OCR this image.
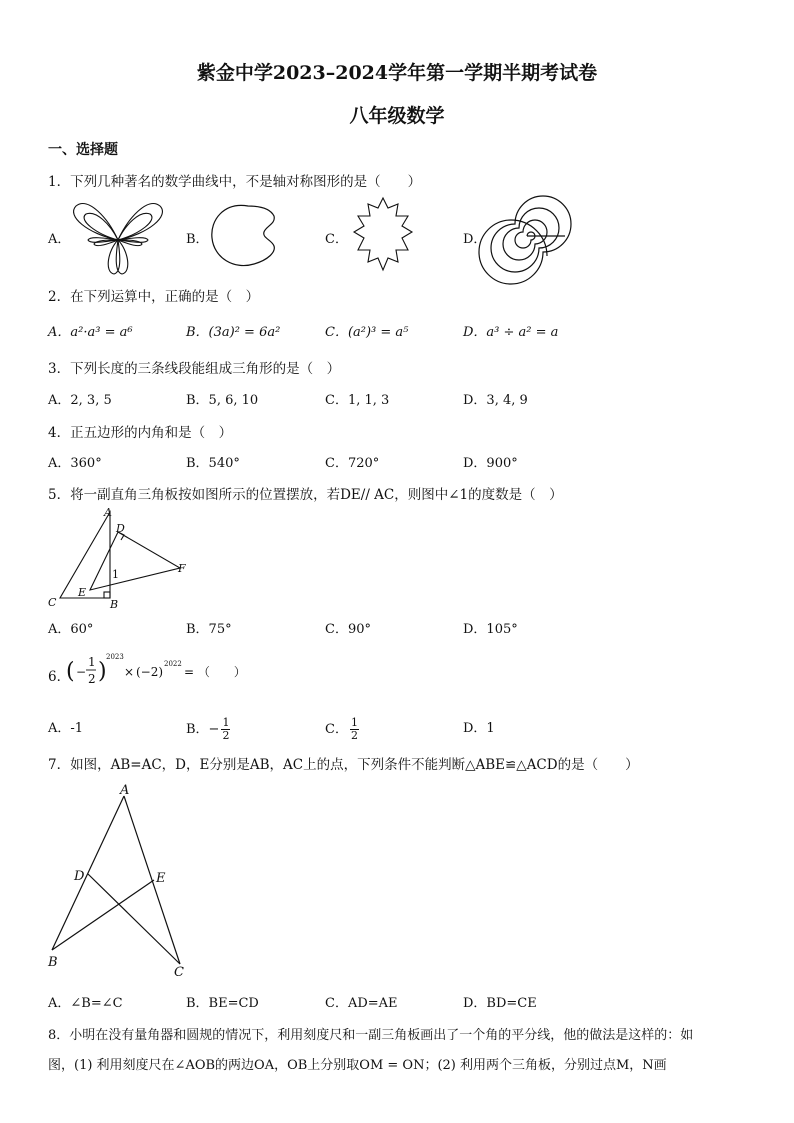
紫金中学2023–2024学年第一学期半期考试卷
八年级数学
一、选择题
1．下列几种著名的数学曲线中，不是轴对称图形的是（　　）
A．	B．	C．	D．
2．在下列运算中，正确的是（　）
A．a²·a³ = a⁶	B．(3a)² = 6a²	C．(a²)³ = a⁵	D．a³ ÷ a² = a
3．下列长度的三条线段能组成三角形的是（　）
A．2, 3, 5	B．5, 6, 10	C．1, 1, 3	D．3, 4, 9
4．正五边形的内角和是（　）
A．360°	B．540°	C．720°	D．900°
5．将一副直角三角板按如图所示的位置摆放，若DE// AC，则图中∠1的度数是（　）
A
D
1	F
E
C	B
A．60°	B．75°	C．90°	D．105°
6．
( −
1
2 )
2023
× (−2)
2022
= （　　）
A．-1	B．− $\frac{1}{2}$	C． $\frac{1}{2}$	D．1
7．如图，AB=AC，D，E分别是AB，AC上的点，下列条件不能判断△ABE≌△ACD的是（　　）
A
D	E
B
C
A．∠B=∠C	B．BE=CD	C．AD=AE	D．BD=CE
8．小明在没有量角器和圆规的情况下，利用刻度尺和一副三角板画出了一个角的平分线，他的做法是这样的：如
图，(1) 利用刻度尺在∠AOB的两边OA，OB上分别取OM = ON；(2) 利用两个三角板，分别过点M，N画
